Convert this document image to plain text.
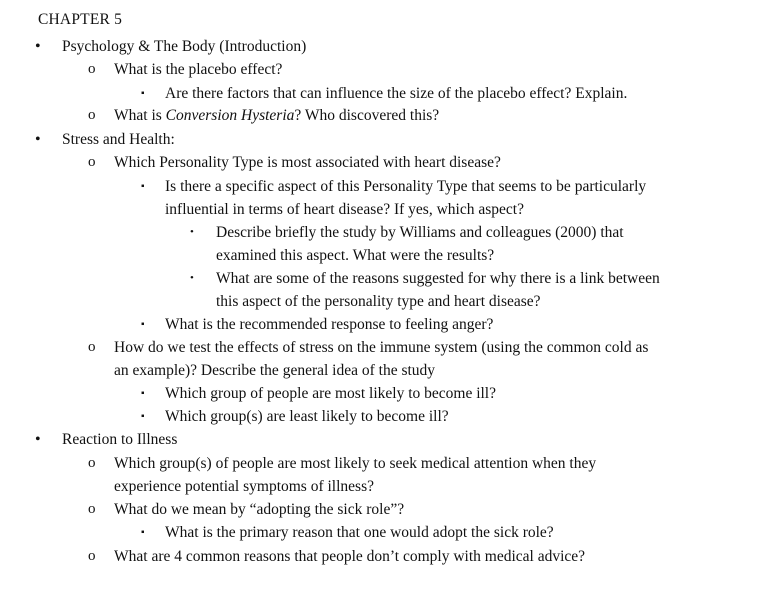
CHAPTER 5
• Psychology & The Body (Introduction)
o What is the placebo effect?
▪ Are there factors that can influence the size of the placebo effect? Explain.
o What is Conversion Hysteria? Who discovered this?
• Stress and Health:
o Which Personality Type is most associated with heart disease?
▪ Is there a specific aspect of this Personality Type that seems to be particularly
influential in terms of heart disease? If yes, which aspect?
• Describe briefly the study by Williams and colleagues (2000) that
examined this aspect. What were the results?
• What are some of the reasons suggested for why there is a link between
this aspect of the personality type and heart disease?
▪ What is the recommended response to feeling anger?
o How do we test the effects of stress on the immune system (using the common cold as
an example)? Describe the general idea of the study
▪ Which group of people are most likely to become ill?
▪ Which group(s) are least likely to become ill?
• Reaction to Illness
o Which group(s) of people are most likely to seek medical attention when they
experience potential symptoms of illness?
o What do we mean by “adopting the sick role”?
▪ What is the primary reason that one would adopt the sick role?
o What are 4 common reasons that people don’t comply with medical advice?
